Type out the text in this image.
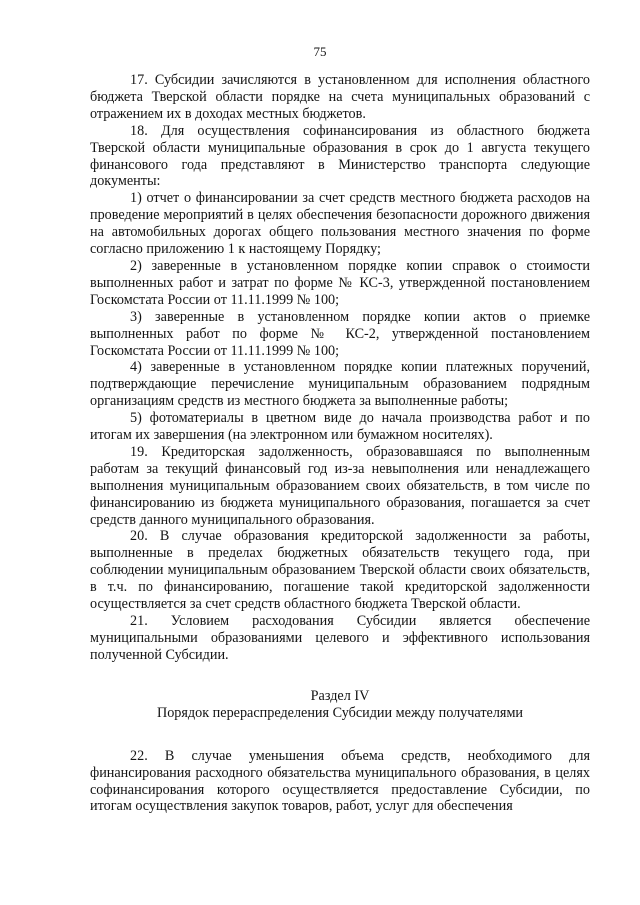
75

17. Субсидии зачисляются в установленном для исполнения областного бюджета Тверской области порядке на счета муниципальных образований с отражением их в доходах местных бюджетов.

18. Для осуществления софинансирования из областного бюджета Тверской области муниципальные образования в срок до 1 августа текущего финансового года представляют в Министерство транспорта следующие документы:

1) отчет о финансировании за счет средств местного бюджета расходов на проведение мероприятий в целях обеспечения безопасности дорожного движения на автомобильных дорогах общего пользования местного значения по форме согласно приложению 1 к настоящему Порядку;

2) заверенные в установленном порядке копии справок о стоимости выполненных работ и затрат по форме № КС-3, утвержденной постановлением Госкомстата России от 11.11.1999 № 100;

3) заверенные в установленном порядке копии актов о приемке выполненных работ по форме № КС-2, утвержденной постановлением Госкомстата России от 11.11.1999 № 100;

4) заверенные в установленном порядке копии платежных поручений, подтверждающие перечисление муниципальным образованием подрядным организациям средств из местного бюджета за выполненные работы;

5) фотоматериалы в цветном виде до начала производства работ и по итогам их завершения (на электронном или бумажном носителях).

19. Кредиторская задолженность, образовавшаяся по выполненным работам за текущий финансовый год из-за невыполнения или ненадлежащего выполнения муниципальным образованием своих обязательств, в том числе по финансированию из бюджета муниципального образования, погашается за счет средств данного муниципального образования.

20. В случае образования кредиторской задолженности за работы, выполненные в пределах бюджетных обязательств текущего года, при соблюдении муниципальным образованием Тверской области своих обязательств, в т.ч. по финансированию, погашение такой кредиторской задолженности осуществляется за счет средств областного бюджета Тверской области.

21. Условием расходования Субсидии является обеспечение муниципальными образованиями целевого и эффективного использования полученной Субсидии.

Раздел IV

Порядок перераспределения Субсидии между получателями

22. В случае уменьшения объема средств, необходимого для финансирования расходного обязательства муниципального образования, в целях софинансирования которого осуществляется предоставление Субсидии, по итогам осуществления закупок товаров, работ, услуг для обеспечения
